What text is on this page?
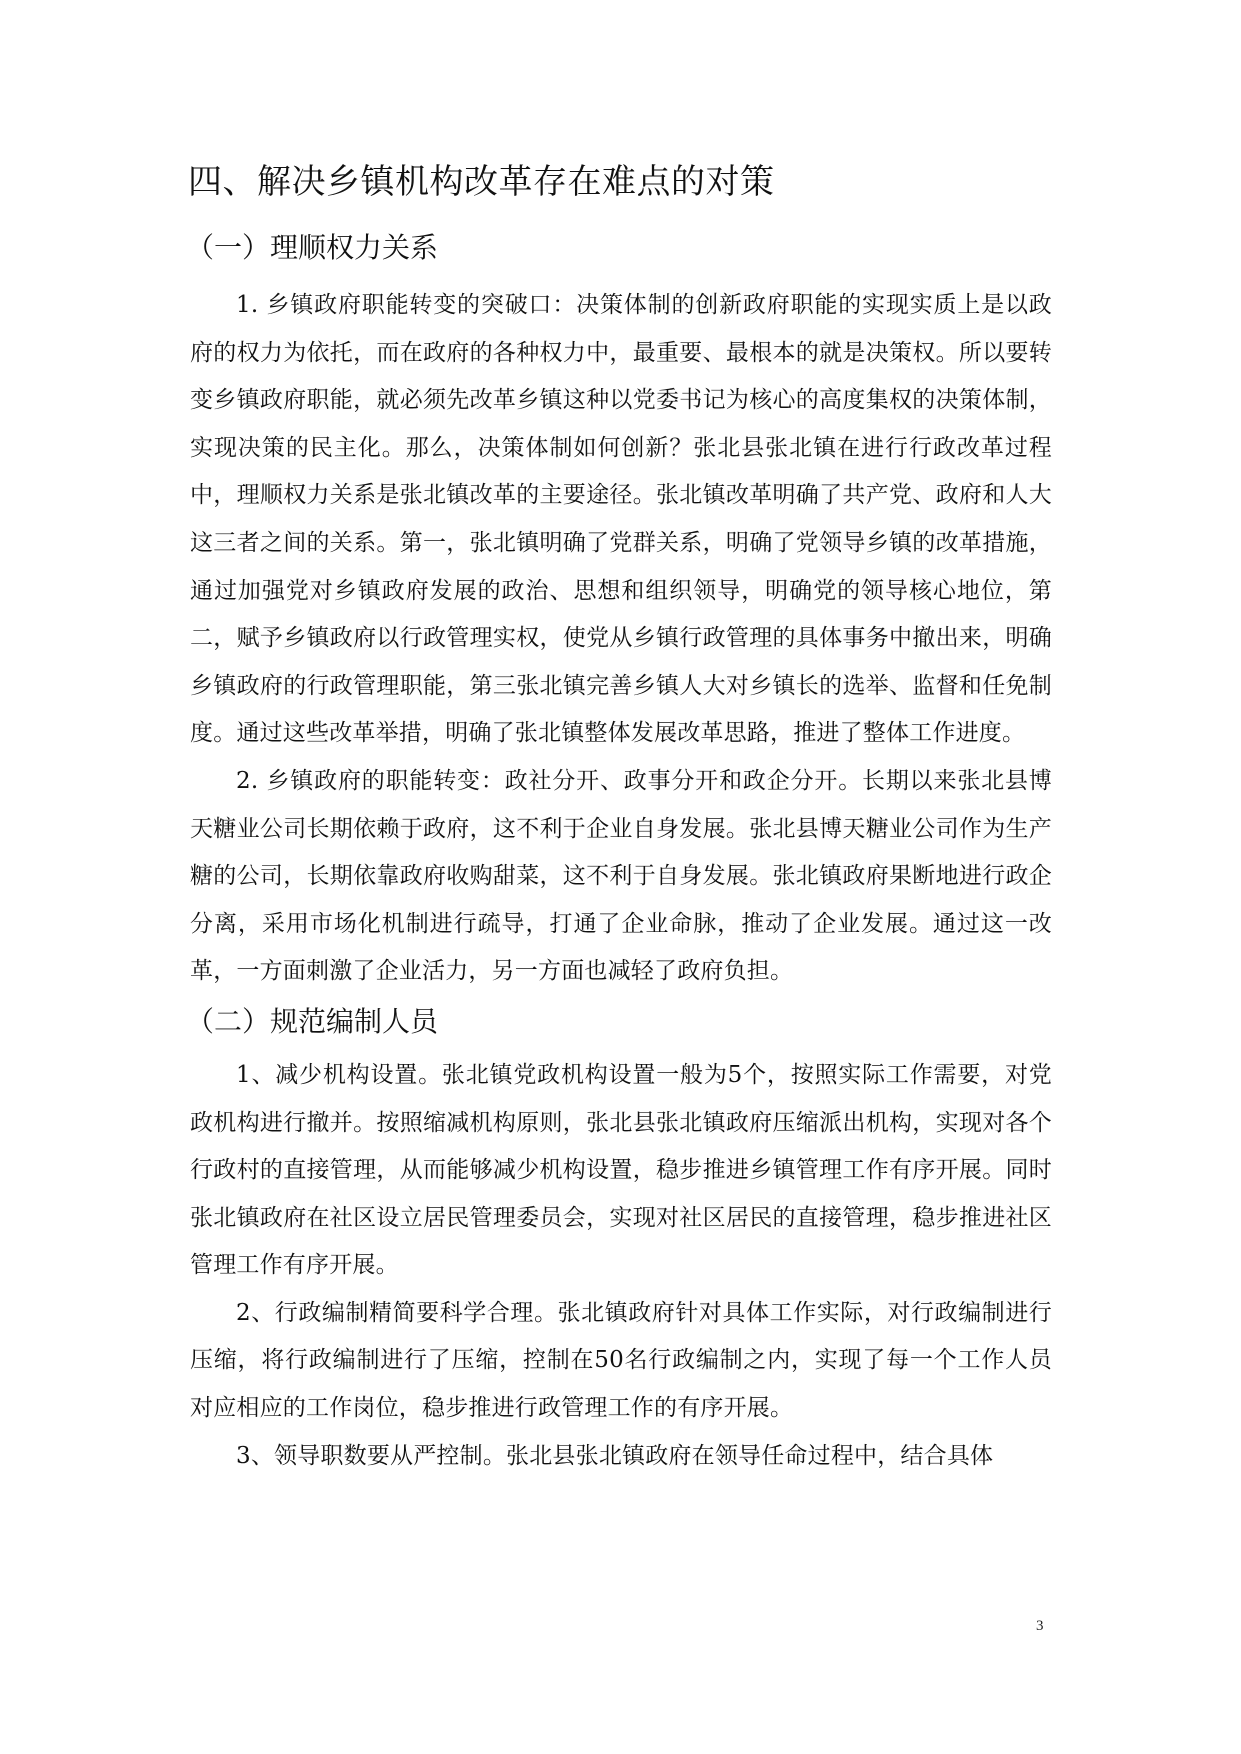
四、解决乡镇机构改革存在难点的对策
（一）理顺权力关系

1. 乡镇政府职能转变的突破口：决策体制的创新政府职能的实现实质上是以政府的权力为依托，而在政府的各种权力中，最重要、最根本的就是决策权。所以要转变乡镇政府职能，就必须先改革乡镇这种以党委书记为核心的高度集权的决策体制，实现决策的民主化。那么，决策体制如何创新？张北县张北镇在进行行政改革过程中，理顺权力关系是张北镇改革的主要途径。张北镇改革明确了共产党、政府和人大这三者之间的关系。第一，张北镇明确了党群关系，明确了党领导乡镇的改革措施，通过加强党对乡镇政府发展的政治、思想和组织领导，明确党的领导核心地位，第二，赋予乡镇政府以行政管理实权，使党从乡镇行政管理的具体事务中撤出来，明确乡镇政府的行政管理职能，第三张北镇完善乡镇人大对乡镇长的选举、监督和任免制度。通过这些改革举措，明确了张北镇整体发展改革思路，推进了整体工作进度。

2. 乡镇政府的职能转变：政社分开、政事分开和政企分开。长期以来张北县博天糖业公司长期依赖于政府，这不利于企业自身发展。张北县博天糖业公司作为生产糖的公司，长期依靠政府收购甜菜，这不利于自身发展。张北镇政府果断地进行政企分离，采用市场化机制进行疏导，打通了企业命脉，推动了企业发展。通过这一改革，一方面刺激了企业活力，另一方面也减轻了政府负担。

（二）规范编制人员

1、减少机构设置。张北镇党政机构设置一般为5个，按照实际工作需要，对党政机构进行撤并。按照缩减机构原则，张北县张北镇政府压缩派出机构，实现对各个行政村的直接管理，从而能够减少机构设置，稳步推进乡镇管理工作有序开展。同时张北镇政府在社区设立居民管理委员会，实现对社区居民的直接管理，稳步推进社区管理工作有序开展。

2、行政编制精简要科学合理。张北镇政府针对具体工作实际，对行政编制进行压缩，将行政编制进行了压缩，控制在50名行政编制之内，实现了每一个工作人员对应相应的工作岗位，稳步推进行政管理工作的有序开展。

3、领导职数要从严控制。张北县张北镇政府在领导任命过程中，结合具体

3
